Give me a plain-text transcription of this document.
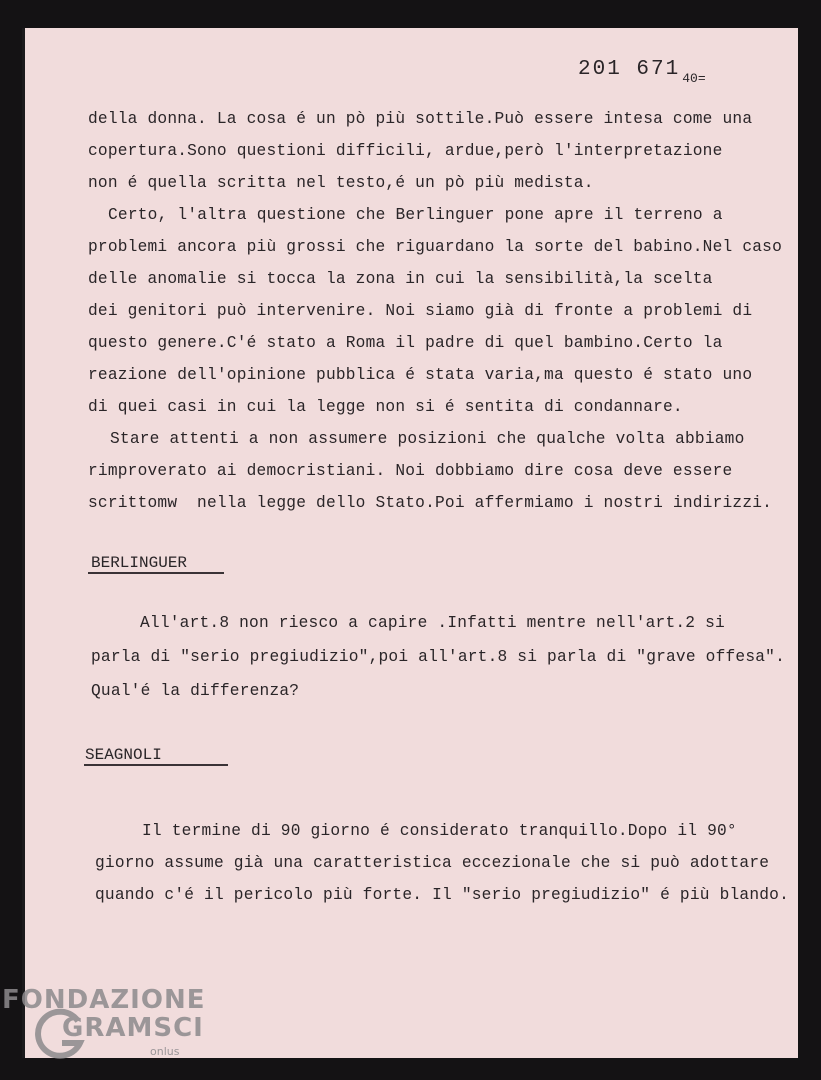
201 671 $_{40=}$
della donna. La cosa é un pò più sottile.Può essere intesa come una
copertura.Sono questioni difficili, ardue,però l'interpretazione
non é quella scritta nel testo,é un pò più medista.
Certo, l'altra questione che Berlinguer pone apre il terreno a
problemi ancora più grossi che riguardano la sorte del babino.Nel caso
delle anomalie si tocca la zona in cui la sensibilità,la scelta
dei genitori può intervenire. Noi siamo già di fronte a problemi di
questo genere.C'é stato a Roma il padre di quel bambino.Certo la
reazione dell'opinione pubblica é stata varia,ma questo é stato uno
di quei casi in cui la legge non si é sentita di condannare.
Stare attenti a non assumere posizioni che qualche volta abbiamo
rimproverato ai democristiani. Noi dobbiamo dire cosa deve essere
scrittomw  nella legge dello Stato.Poi affermiamo i nostri indirizzi.
BERLINGUER
All'art.8 non riesco a capire .Infatti mentre nell'art.2 si
parla di "serio pregiudizio",poi all'art.8 si parla di "grave offesa".
Qual'é la differenza?
SEAGNOLI
Il termine di 90 giorno é considerato tranquillo.Dopo il 90°
giorno assume già una caratteristica eccezionale che si può adottare
quando c'é il pericolo più forte. Il "serio pregiudizio" é più blando.
FONDAZIONE
GRAMSCI
onlus
